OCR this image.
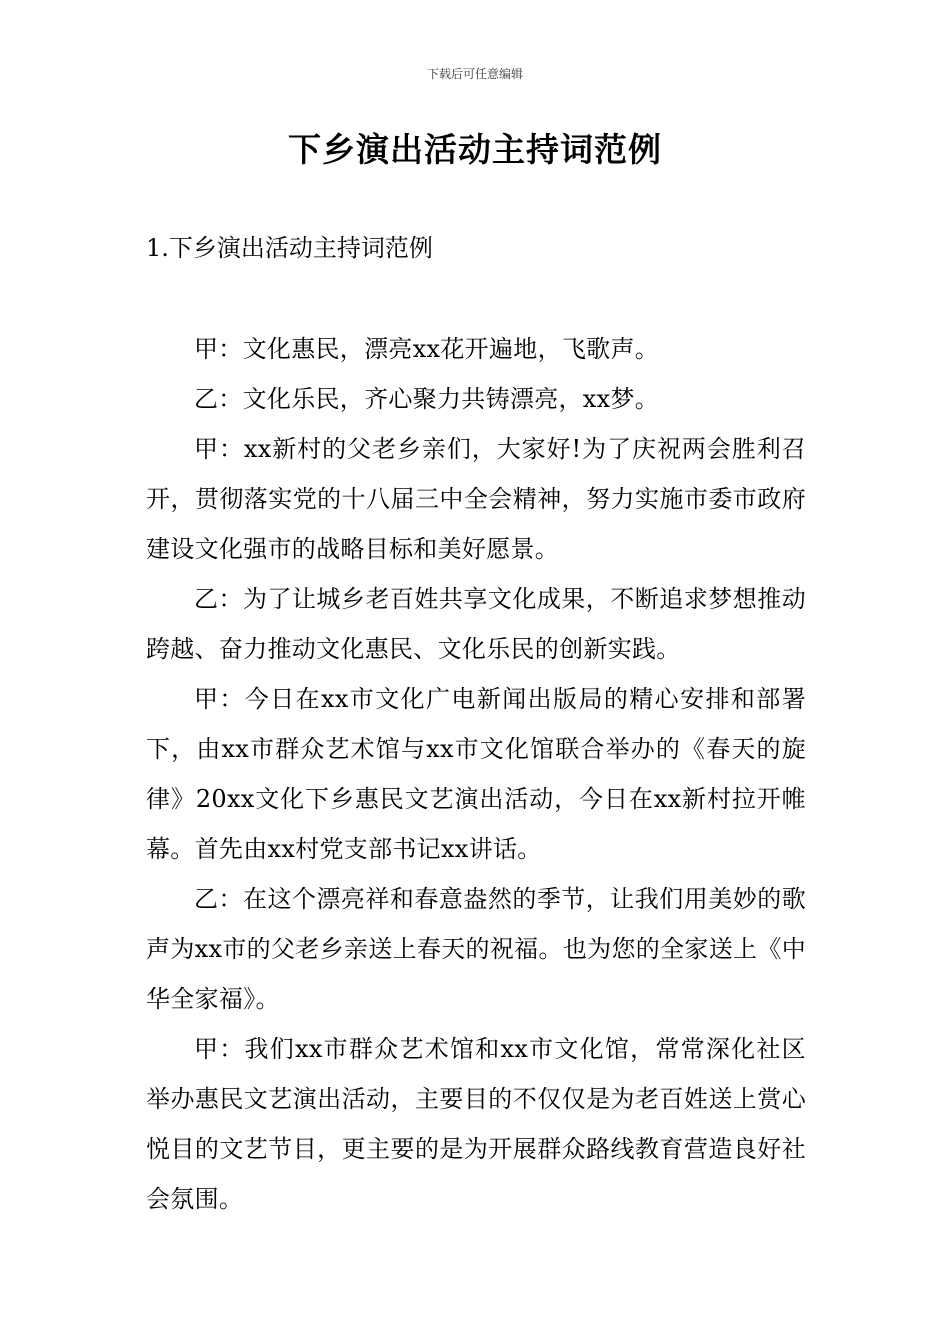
下载后可任意编辑
下乡演出活动主持词范例
1.下乡演出活动主持词范例

甲：文化惠民，漂亮xx花开遍地，飞歌声。

乙：文化乐民，齐心聚力共铸漂亮，xx梦。

甲：xx新村的父老乡亲们，大家好!为了庆祝两会胜利召开，贯彻落实党的十八届三中全会精神，努力实施市委市政府建设文化强市的战略目标和美好愿景。

乙：为了让城乡老百姓共享文化成果，不断追求梦想推动跨越、奋力推动文化惠民、文化乐民的创新实践。

甲：今日在xx市文化广电新闻出版局的精心安排和部署下，由xx市群众艺术馆与xx市文化馆联合举办的《春天的旋律》20xx文化下乡惠民文艺演出活动，今日在xx新村拉开帷幕。首先由xx村党支部书记xx讲话。

乙：在这个漂亮祥和春意盎然的季节，让我们用美妙的歌声为xx市的父老乡亲送上春天的祝福。也为您的全家送上《中华全家福》。

甲：我们xx市群众艺术馆和xx市文化馆，常常深化社区举办惠民文艺演出活动，主要目的不仅仅是为老百姓送上赏心悦目的文艺节目，更主要的是为开展群众路线教育营造良好社会氛围。
